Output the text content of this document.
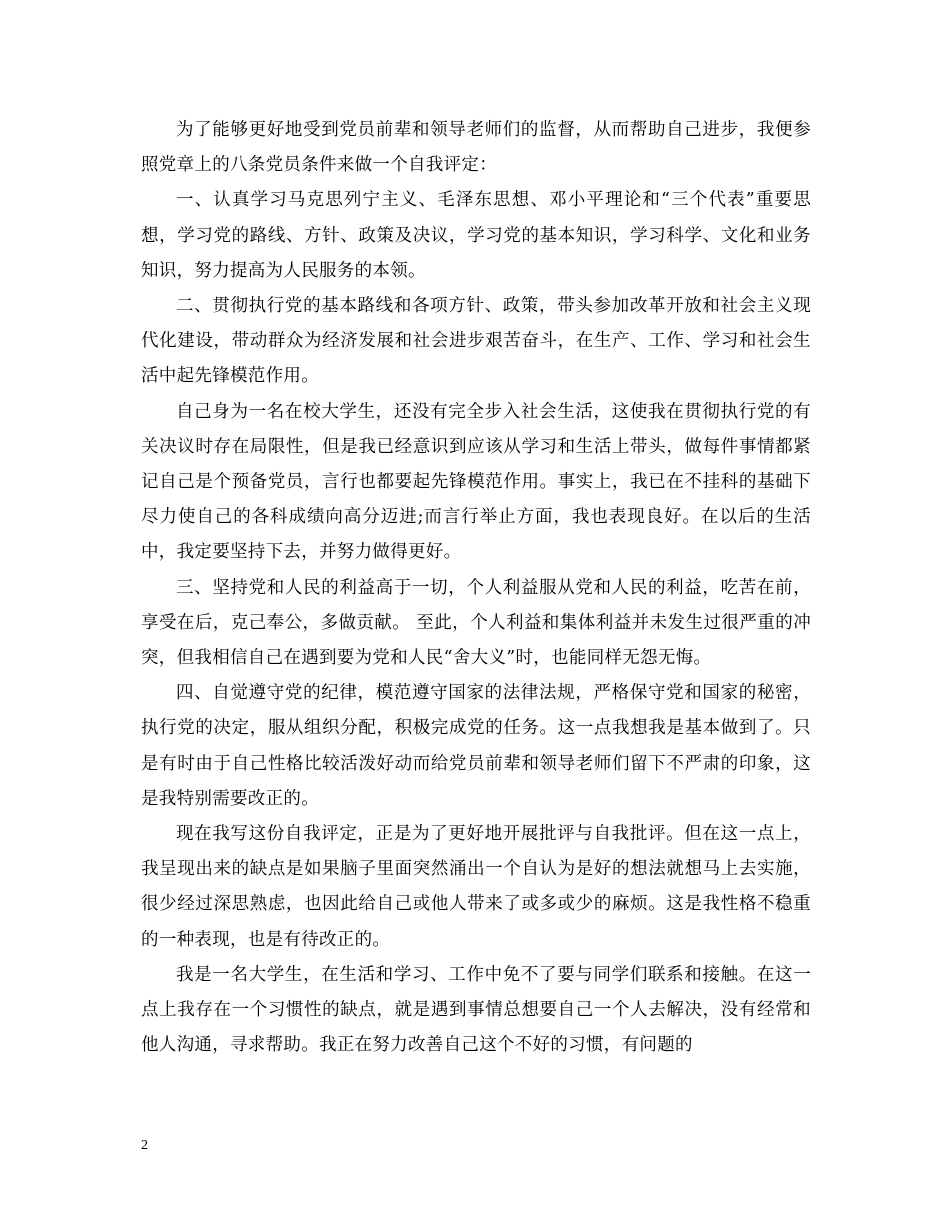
为了能够更好地受到党员前辈和领导老师们的监督，从而帮助自己进步，我便参照党章上的八条党员条件来做一个自我评定：

一、认真学习马克思列宁主义、毛泽东思想、邓小平理论和“三个代表”重要思想，学习党的路线、方针、政策及决议，学习党的基本知识，学习科学、文化和业务知识，努力提高为人民服务的本领。

二、贯彻执行党的基本路线和各项方针、政策，带头参加改革开放和社会主义现代化建设，带动群众为经济发展和社会进步艰苦奋斗，在生产、工作、学习和社会生活中起先锋模范作用。

自己身为一名在校大学生，还没有完全步入社会生活，这使我在贯彻执行党的有关决议时存在局限性，但是我已经意识到应该从学习和生活上带头，做每件事情都紧记自己是个预备党员，言行也都要起先锋模范作用。事实上，我已在不挂科的基础下尽力使自己的各科成绩向高分迈进;而言行举止方面，我也表现良好。在以后的生活中，我定要坚持下去，并努力做得更好。

三、坚持党和人民的利益高于一切，个人利益服从党和人民的利益，吃苦在前，享受在后，克己奉公，多做贡献。 至此，个人利益和集体利益并未发生过很严重的冲突，但我相信自己在遇到要为党和人民“舍大义”时，也能同样无怨无悔。

四、自觉遵守党的纪律，模范遵守国家的法律法规，严格保守党和国家的秘密，执行党的决定，服从组织分配，积极完成党的任务。这一点我想我是基本做到了。只是有时由于自己性格比较活泼好动而给党员前辈和领导老师们留下不严肃的印象，这是我特别需要改正的。

现在我写这份自我评定，正是为了更好地开展批评与自我批评。但在这一点上，我呈现出来的缺点是如果脑子里面突然涌出一个自认为是好的想法就想马上去实施，很少经过深思熟虑，也因此给自己或他人带来了或多或少的麻烦。这是我性格不稳重的一种表现，也是有待改正的。

我是一名大学生，在生活和学习、工作中免不了要与同学们联系和接触。在这一点上我存在一个习惯性的缺点，就是遇到事情总想要自己一个人去解决，没有经常和他人沟通，寻求帮助。我正在努力改善自己这个不好的习惯，有问题的

2
